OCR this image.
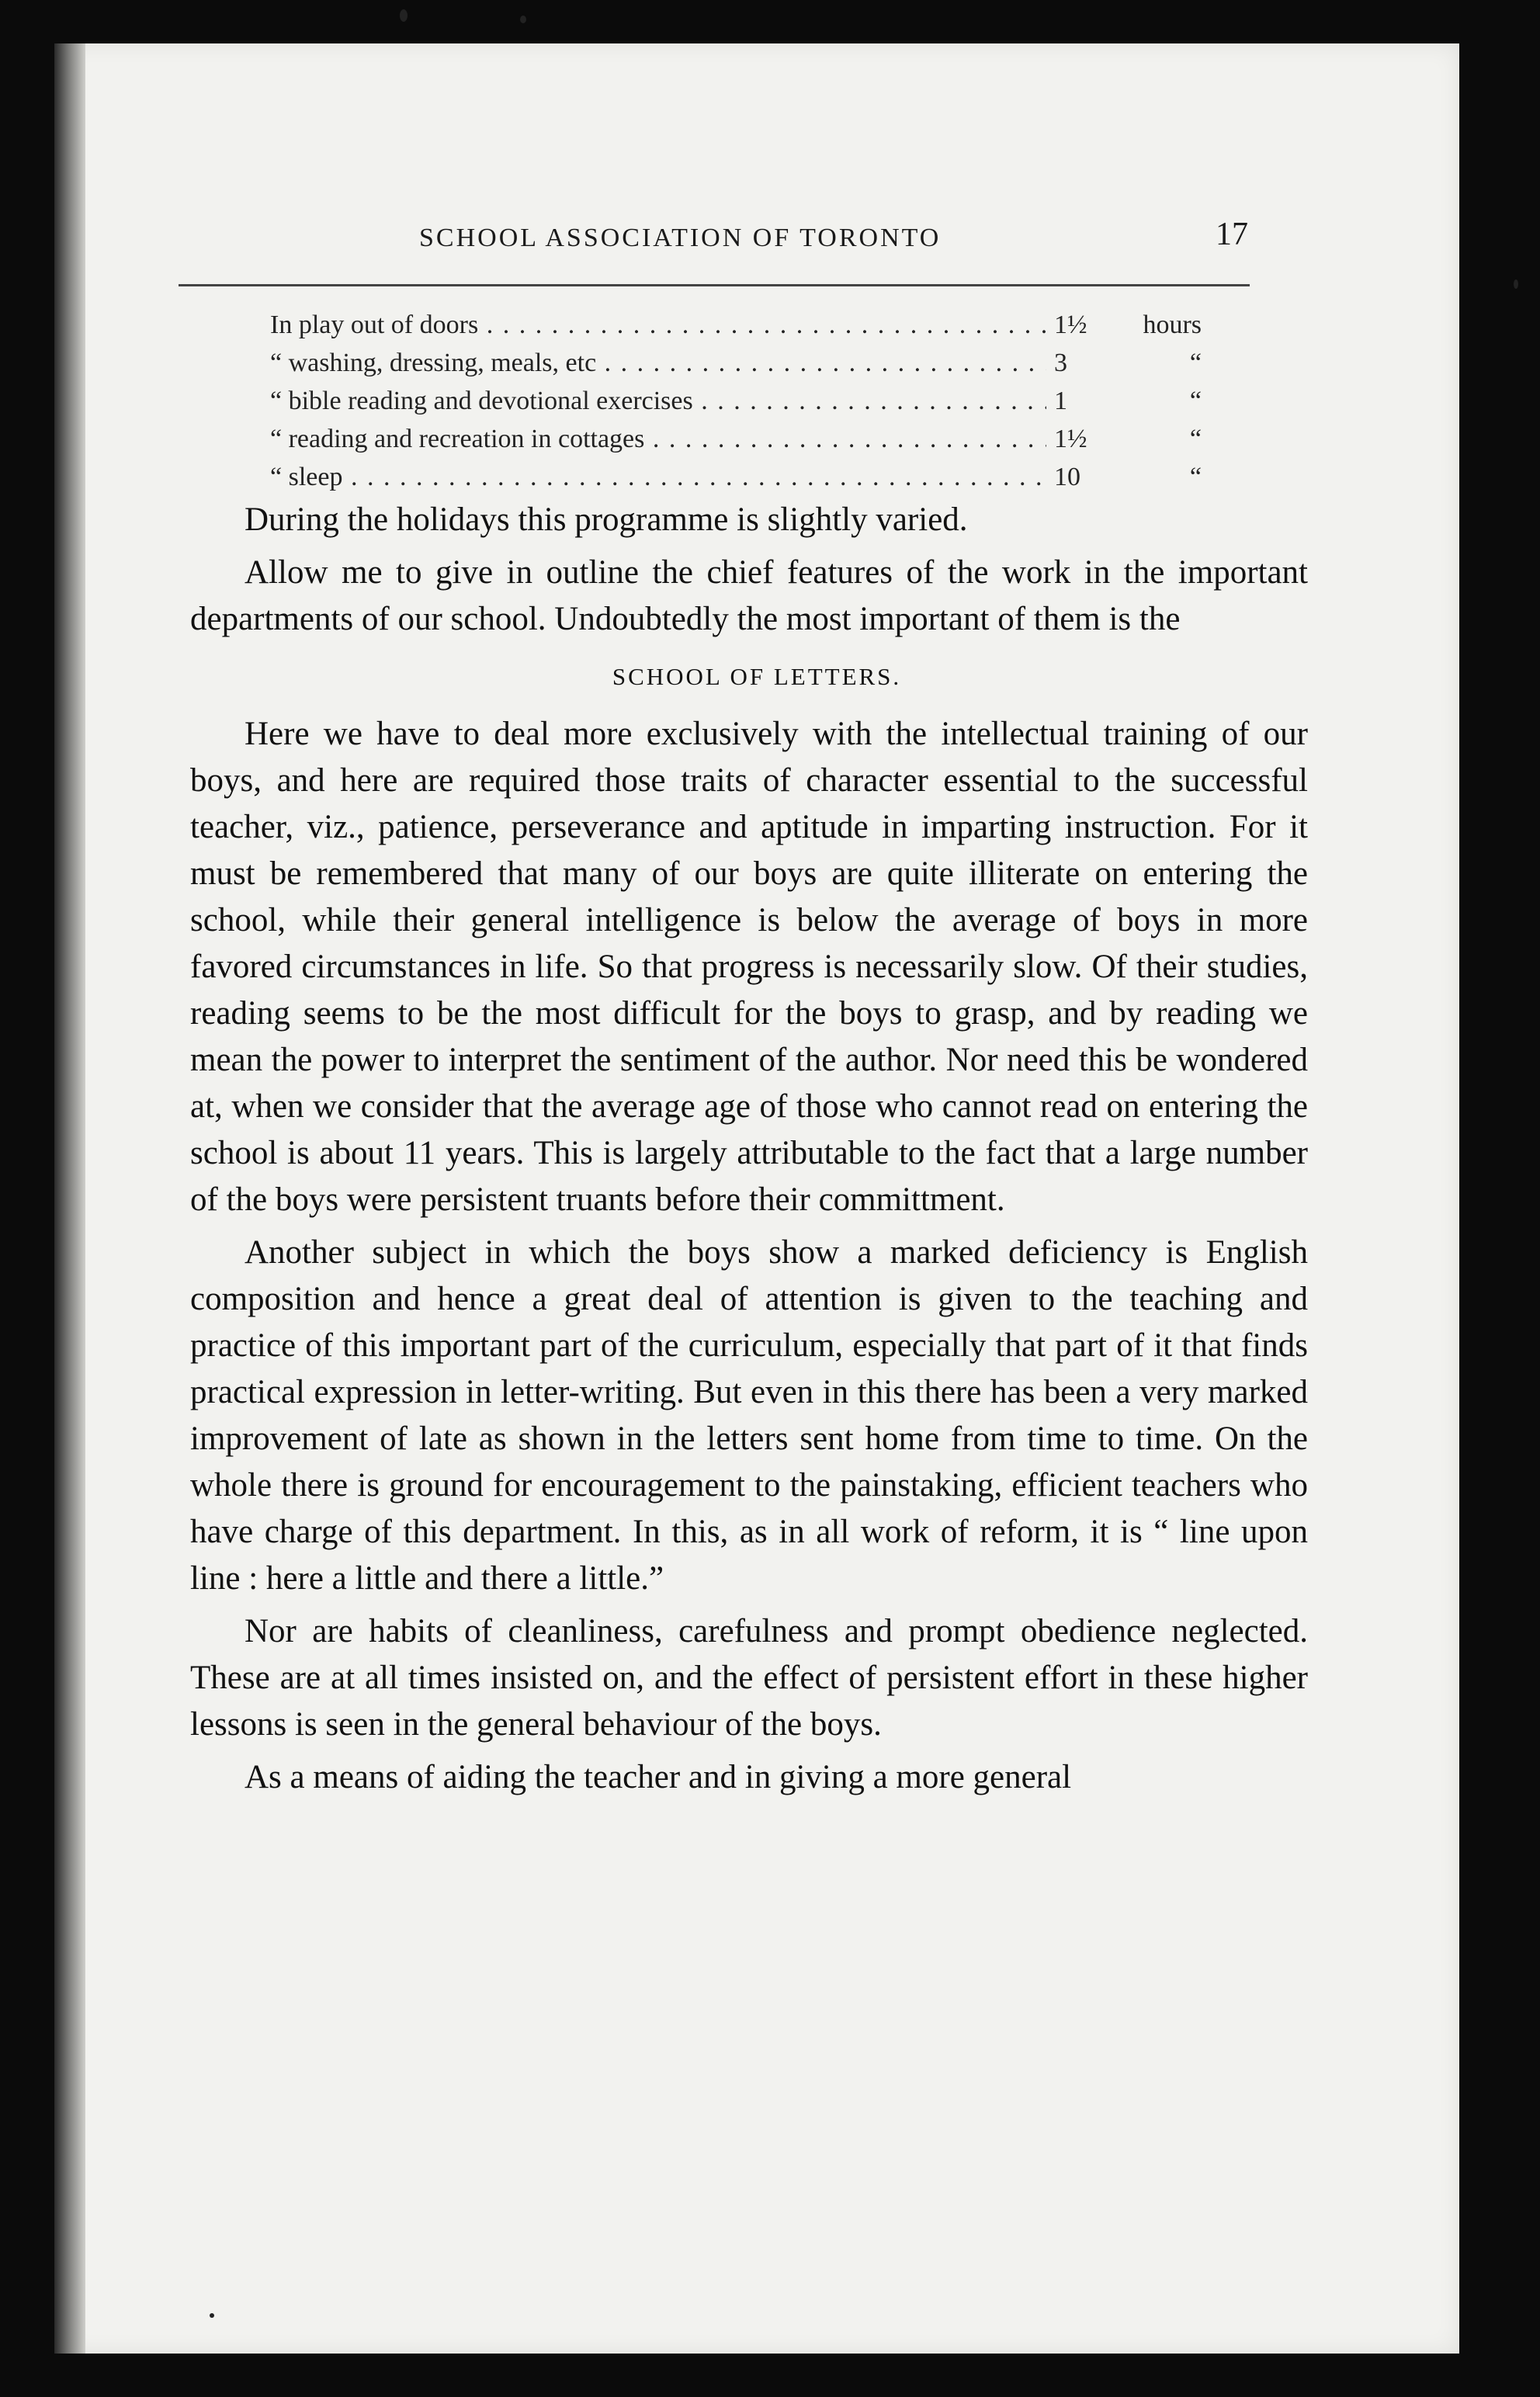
SCHOOL ASSOCIATION OF TORONTO	17
In play out of doors . . .	1½	hours
“ washing, dressing, meals, etc . . .	3	“
“ bible reading and devotional exercises . . .	1	“
“ reading and recreation in cottages . . .	1½	“
“ sleep . . .	10	“

During the holidays this programme is slightly varied.

Allow me to give in outline the chief features of the work in the important departments of our school. Undoubtedly the most important of them is the

SCHOOL OF LETTERS.

Here we have to deal more exclusively with the intellectual training of our boys, and here are required those traits of character essential to the successful teacher, viz., patience, perseverance and aptitude in imparting instruction. For it must be remembered that many of our boys are quite illiterate on entering the school, while their general intelligence is below the average of boys in more favored circumstances in life. So that progress is necessarily slow. Of their studies, reading seems to be the most difficult for the boys to grasp, and by reading we mean the power to interpret the sentiment of the author. Nor need this be wondered at, when we consider that the average age of those who cannot read on entering the school is about 11 years. This is largely attributable to the fact that a large number of the boys were persistent truants before their committment.

Another subject in which the boys show a marked deficiency is English composition and hence a great deal of attention is given to the teaching and practice of this important part of the curriculum, especially that part of it that finds practical expression in letter-writing. But even in this there has been a very marked improvement of late as shown in the letters sent home from time to time. On the whole there is ground for encouragement to the painstaking, efficient teachers who have charge of this department. In this, as in all work of reform, it is “ line upon line : here a little and there a little.”

Nor are habits of cleanliness, carefulness and prompt obedience neglected. These are at all times insisted on, and the effect of persistent effort in these higher lessons is seen in the general behaviour of the boys.

As a means of aiding the teacher and in giving a more general
